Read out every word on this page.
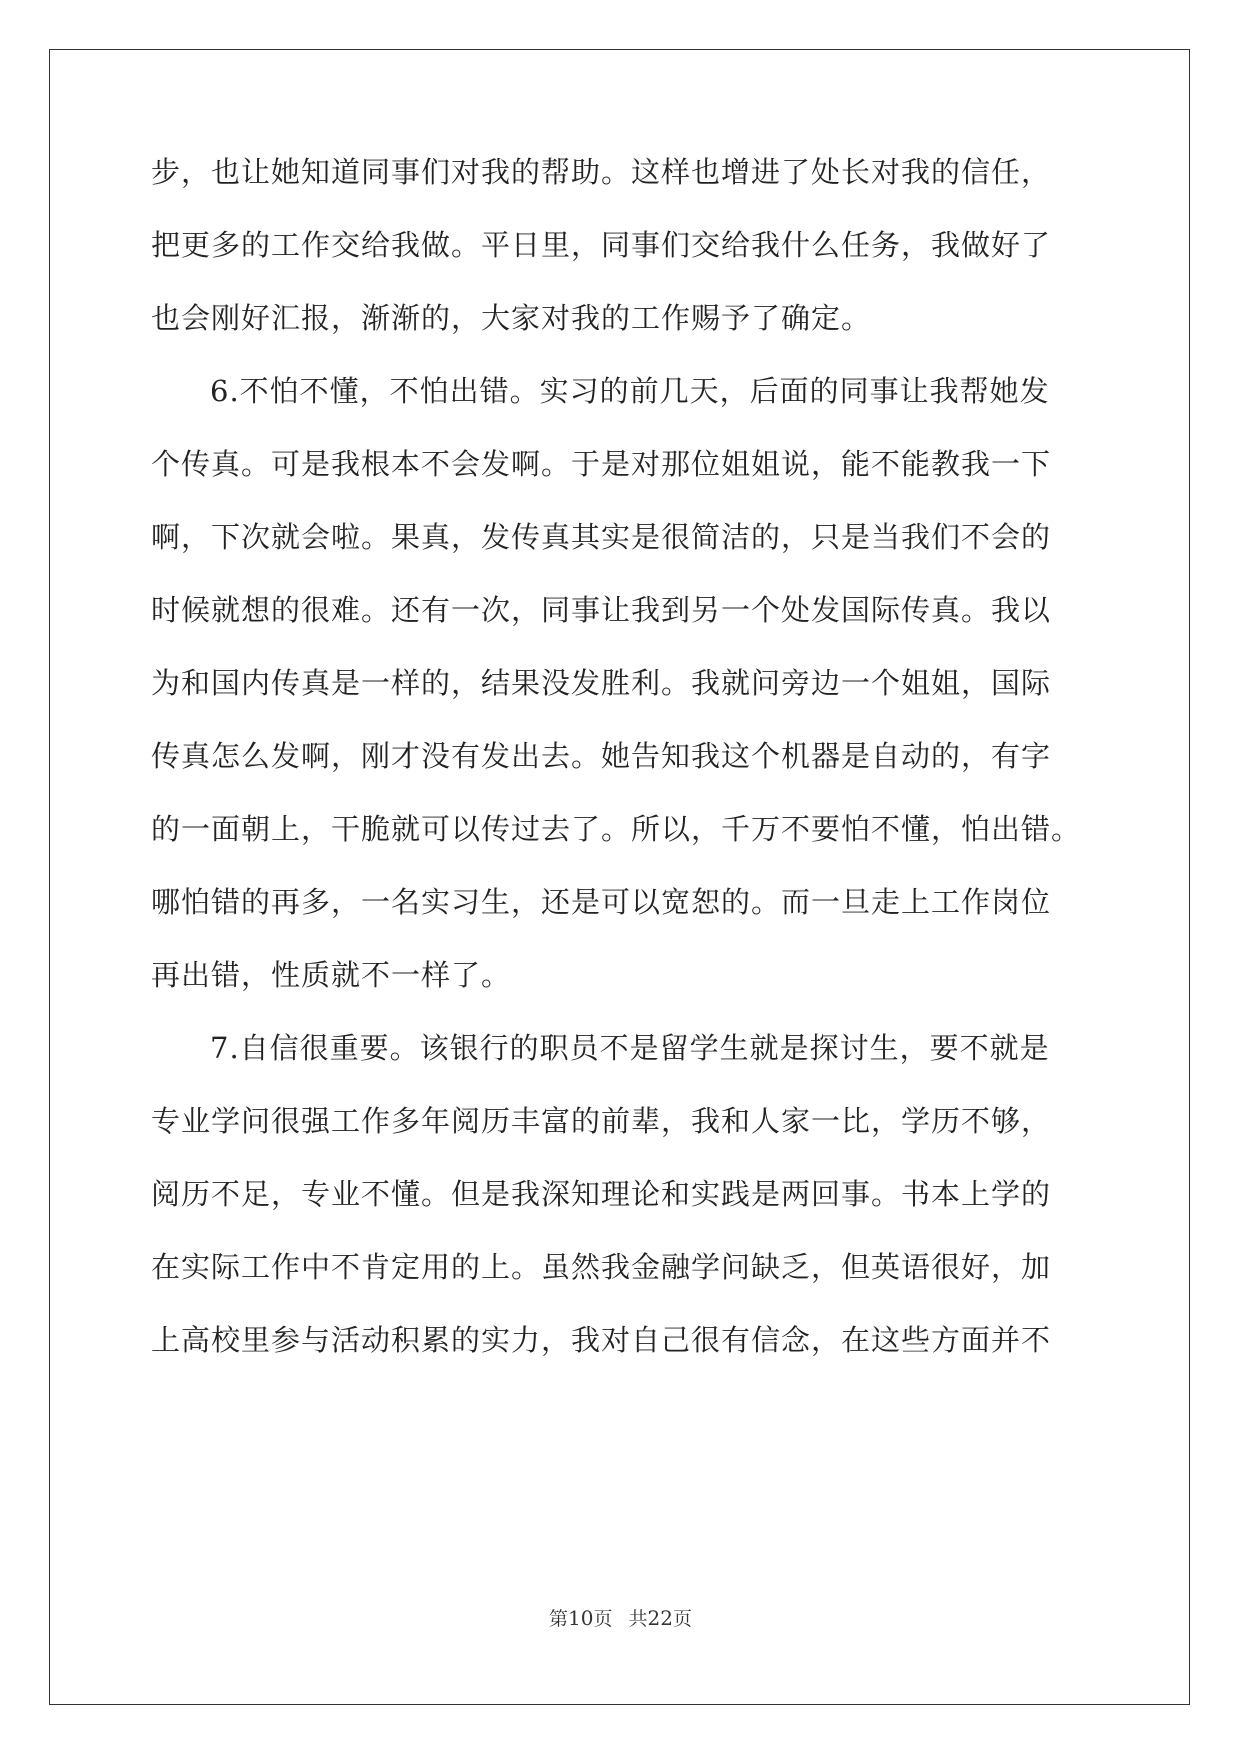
步，也让她知道同事们对我的帮助。这样也增进了处长对我的信任，
把更多的工作交给我做。平日里，同事们交给我什么任务，我做好了
也会刚好汇报，渐渐的，大家对我的工作赐予了确定。
6.不怕不懂，不怕出错。实习的前几天，后面的同事让我帮她发
个传真。可是我根本不会发啊。于是对那位姐姐说，能不能教我一下
啊，下次就会啦。果真，发传真其实是很简洁的，只是当我们不会的
时候就想的很难。还有一次，同事让我到另一个处发国际传真。我以
为和国内传真是一样的，结果没发胜利。我就问旁边一个姐姐，国际
传真怎么发啊，刚才没有发出去。她告知我这个机器是自动的，有字
的一面朝上，干脆就可以传过去了。所以，千万不要怕不懂，怕出错。
哪怕错的再多，一名实习生，还是可以宽恕的。而一旦走上工作岗位
再出错，性质就不一样了。
7.自信很重要。该银行的职员不是留学生就是探讨生，要不就是
专业学问很强工作多年阅历丰富的前辈，我和人家一比，学历不够，
阅历不足，专业不懂。但是我深知理论和实践是两回事。书本上学的
在实际工作中不肯定用的上。虽然我金融学问缺乏，但英语很好，加
上高校里参与活动积累的实力，我对自己很有信念，在这些方面并不
第10页 共22页
